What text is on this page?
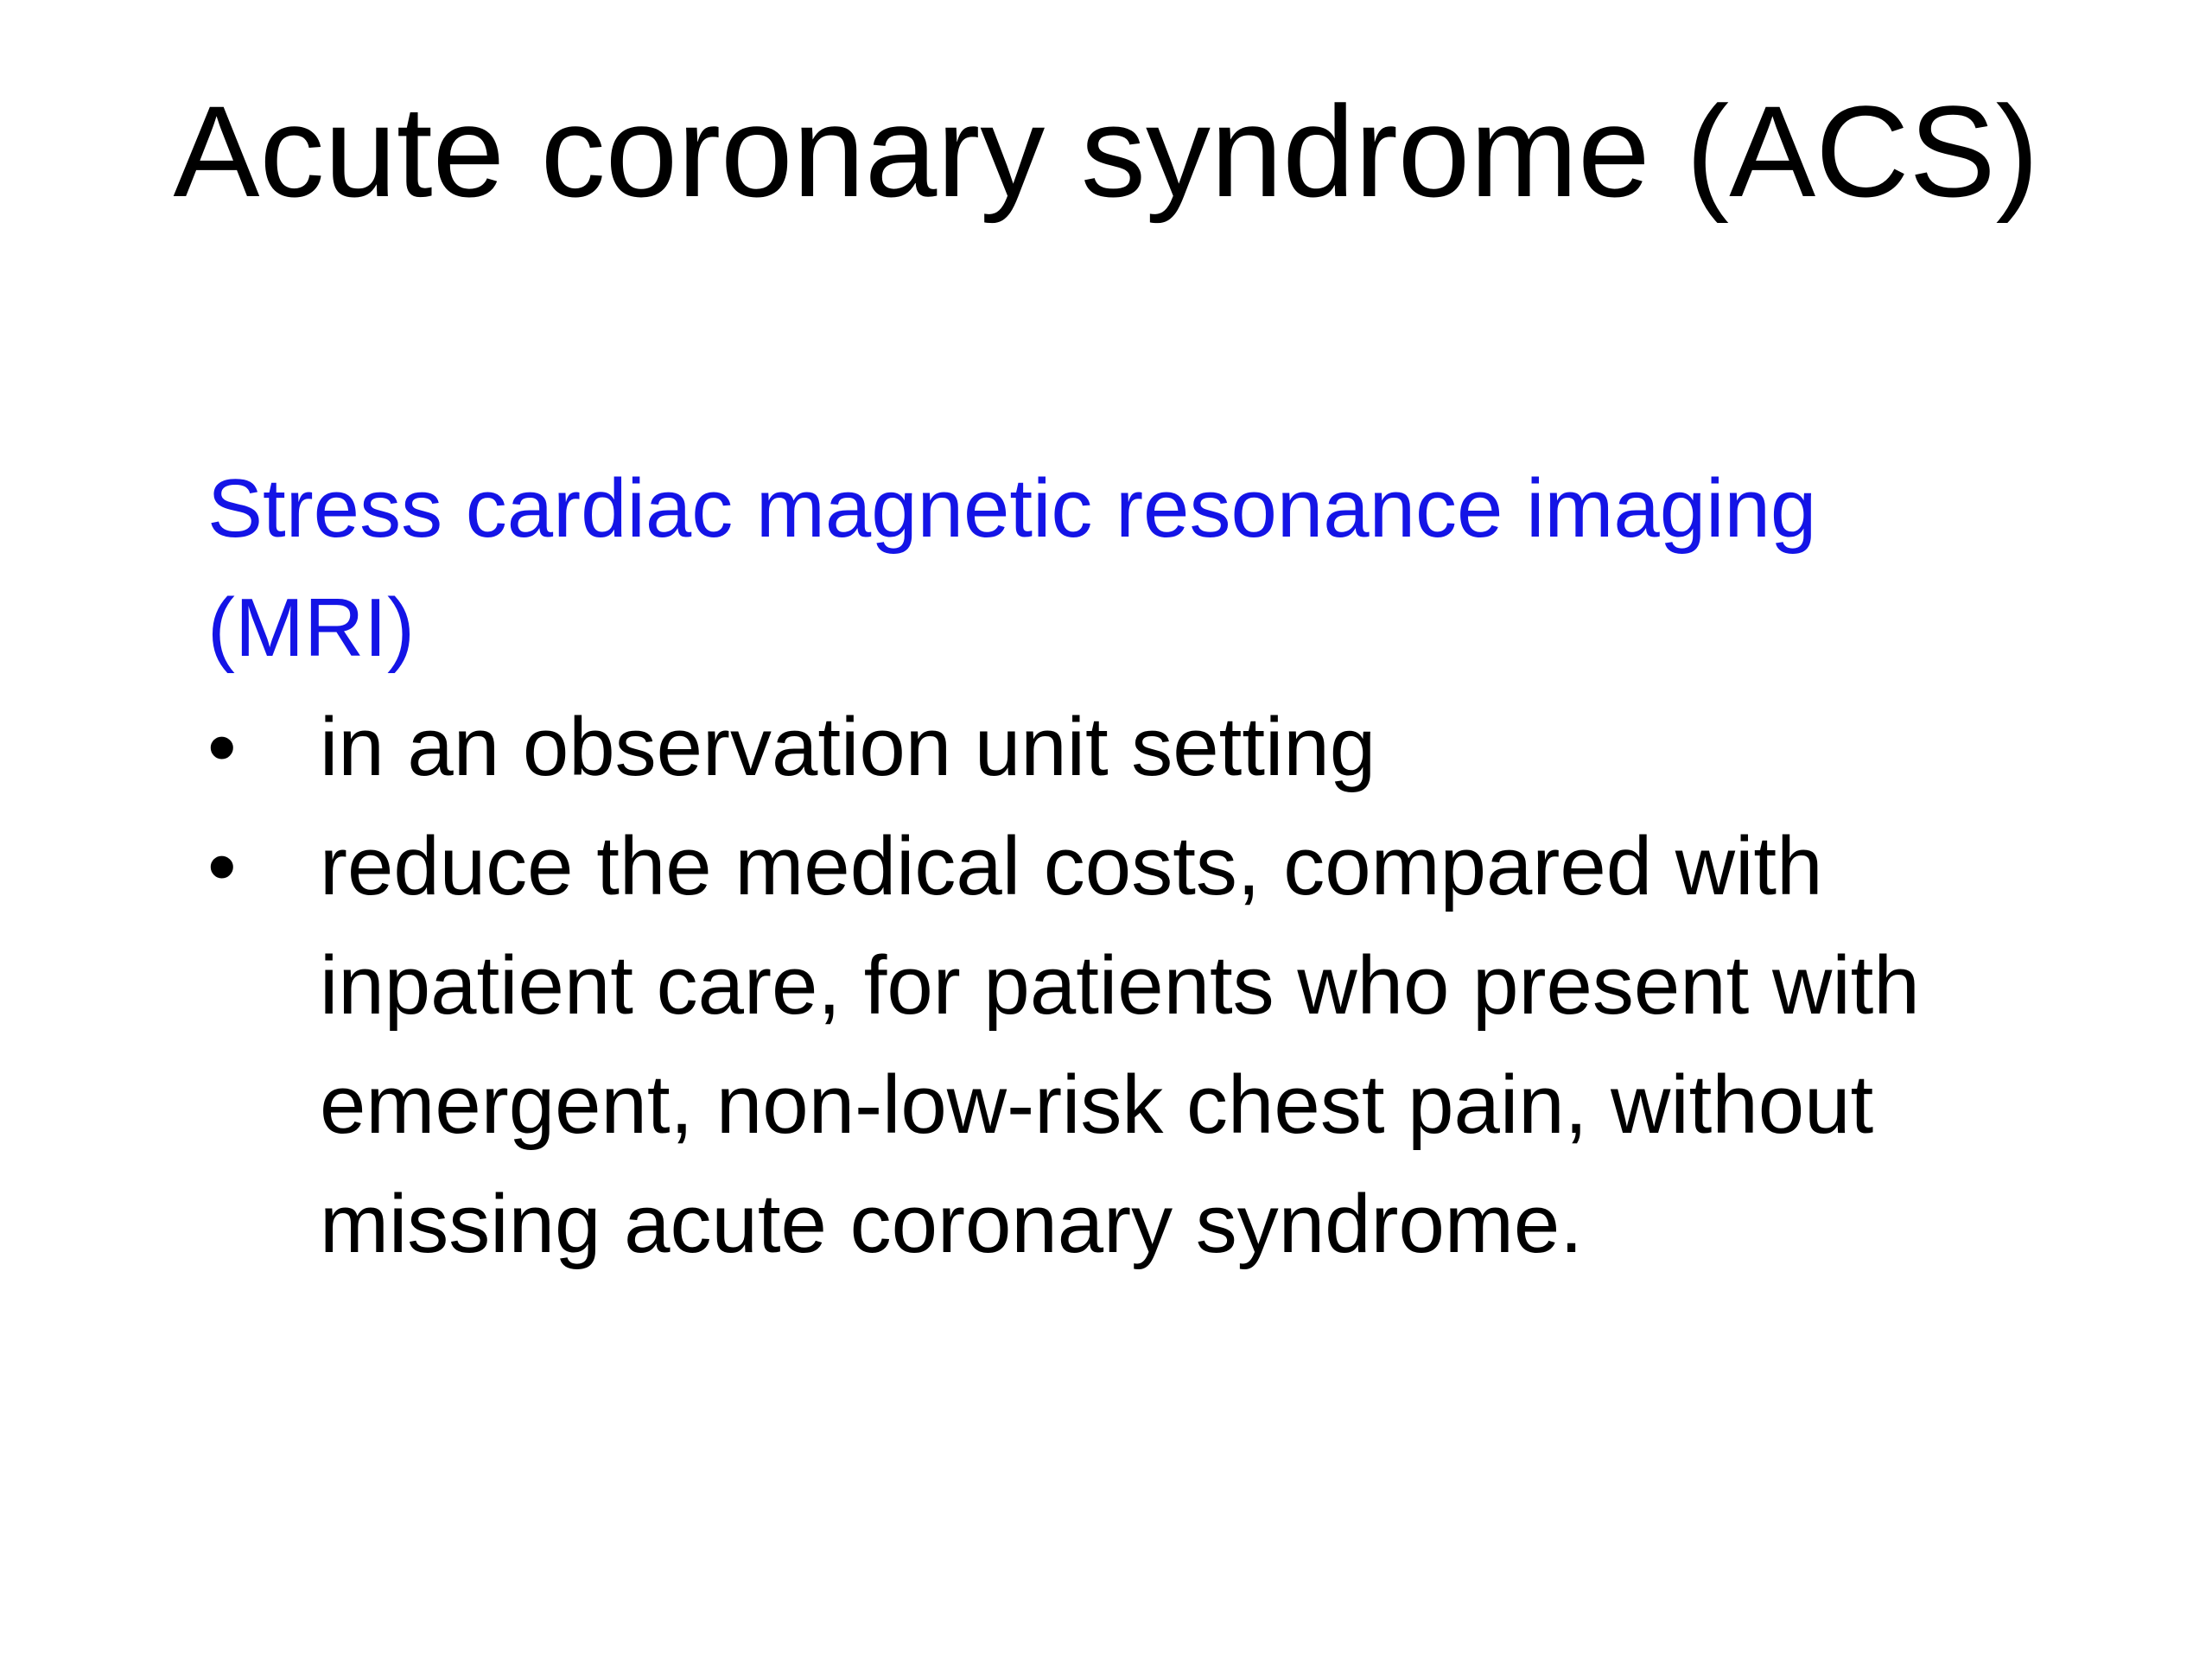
Acute coronary syndrome (ACS)

Stress cardiac magnetic resonance imaging (MRI)

•	in an observation unit setting
•	reduce the medical costs, compared with inpatient care, for patients who present with emergent, non-low-risk chest pain, without missing acute coronary syndrome.
